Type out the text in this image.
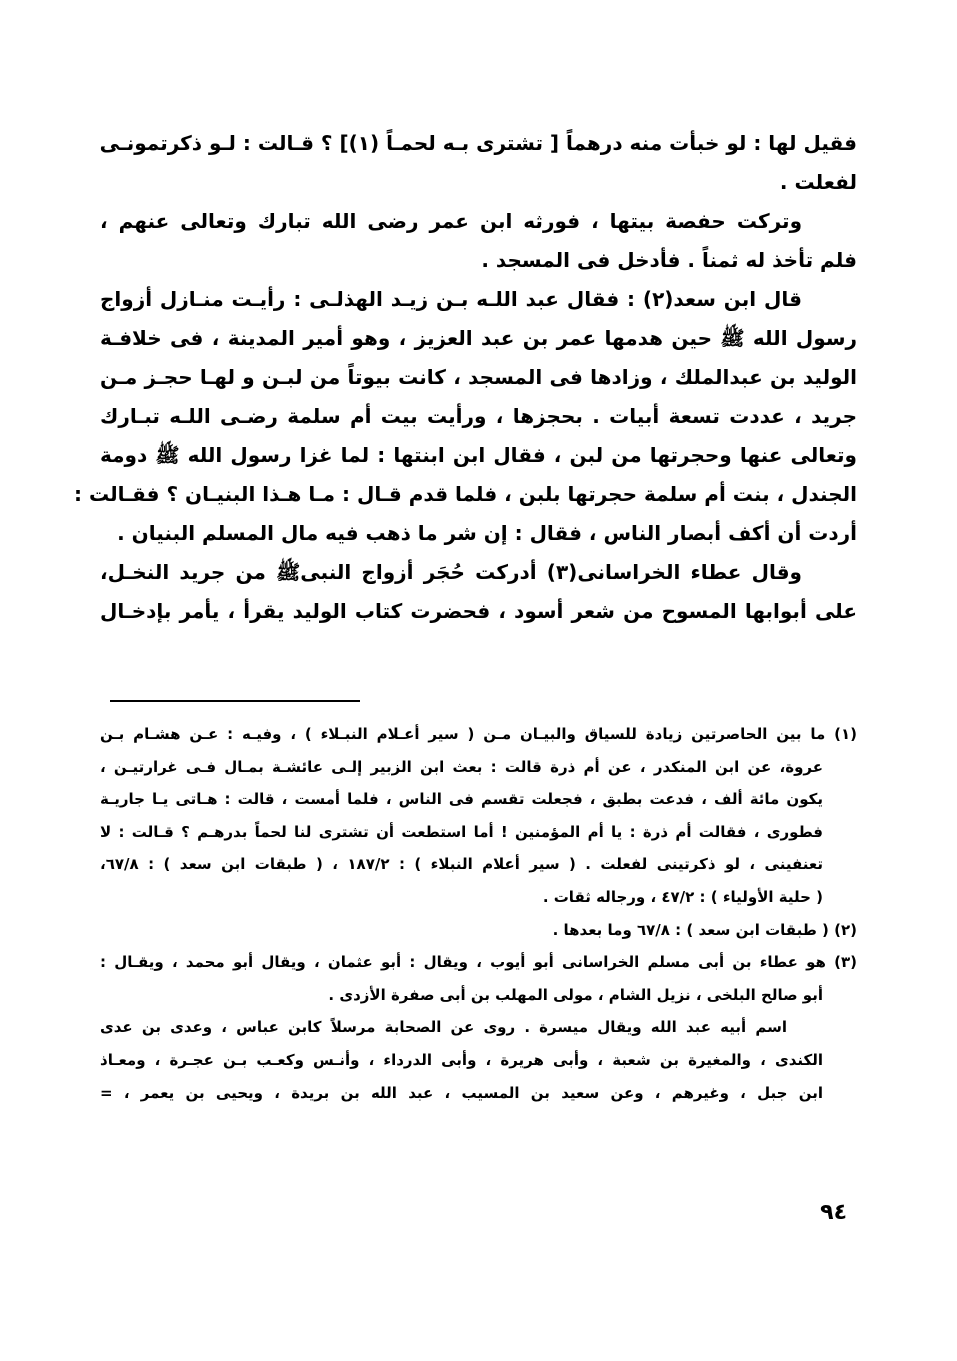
فقيل لها : لو خبأت منه درهماً [ تشترى بـه لحمـاً (١)] ؟ قـالت : لـو ذكرتمونـى
لفعلت .
وتركت حفصة بيتها ، فورثه ابن عمر رضى الله تبارك وتعالى عنهم ،
فلم تأخذ له ثمناً . فأدخل فى المسجد .
قال ابن سعد(٢) : فقال عبد اللـه بـن زيـد الهذلـى : رأيـت منـازل أزواج
رسول الله ﷺ حين هدمها عمر بن عبد العزيز ، وهو أمير المدينة ، فى خلافـة
الوليد بن عبدالملك ، وزادها فى المسجد ، كانت بيوتاً من لبـن و لهـا حجـز مـن
جريد ، عددت تسعة أبيات . بحجزها ، ورأيت بيت أم سلمة رضـى اللـه تبـارك
وتعالى عنها وحجرتها من لبن ، فقال ابن ابنتها : لما غزا رسول الله ﷺ دومة
الجندل ، بنت أم سلمة حجرتها بلبن ، فلما قدم قـال : مـا هـذا البنيـان ؟ فقـالت :
أردت أن أكف أبصار الناس ، فقال : إن شر ما ذهب فيه مال المسلم البنيان .
وقال عطاء الخراسانى(٣) أدركت حُجَر أزواج النبىﷺ من جريد النخـل،
على أبوابها المسوح من شعر أسود ، فحضرت كتاب الوليد يقرأ ، يأمر بإدخـال
(١) ما بين الحاصرتين زيادة للسياق والبيـان مـن ( سير أعـلام النبـلاء ) ، وفيـه : عـن هشـام بـن
عروة، عن ابن المنكدر ، عن أم ذرة قالت : بعث ابن الزبير إلـى عائشـة بمـال فـى غرارتيـن ،
يكون مائة ألف ، فدعت بطبق ، فجعلت تقسم فى الناس ، فلما أمست ، قالت : هـاتى يـا جاريـة
فطورى ، فقالت أم ذرة : يا أم المؤمنين ! أما استطعت أن تشترى لنا لحماً بدرهـم ؟ قـالت : لا
تعنفينى ، لو ذكرتينى لفعلت . ( سير أعلام النبلاء ) : ١٨٧/٢ ، ( طبقات ابن سعد ) : ٦٧/٨،
( حلية الأولياء ) : ٤٧/٢ ، ورجاله ثقات .
(٢) ( طبقات ابن سعد ) : ٦٧/٨ وما بعدها .
(٣) هو عطاء بن أبى مسلم الخراسانى أبو أيوب ، ويقال : أبو عثمان ، ويقال أبو محمد ، ويقـال :
أبو صالح البلخى ، نزيل الشام ، مولى المهلب بن أبى صفرة الأزدى .
اسم أبيه عبد الله ويقال ميسرة . روى عن الصحابة مرسلاً كابن عباس ، وعدى بن عدى
الكندى ، والمغيرة بن شعبة ، وأبى هريرة ، وأبى الدرداء ، وأنـس وكعـب بـن عجـرة ، ومعـاذ
ابن جبل ، وغيرهم ، وعن سعيد بن المسيب ، عبد الله بن بريدة ، ويحيى بن يعمر ، =
٩٤
